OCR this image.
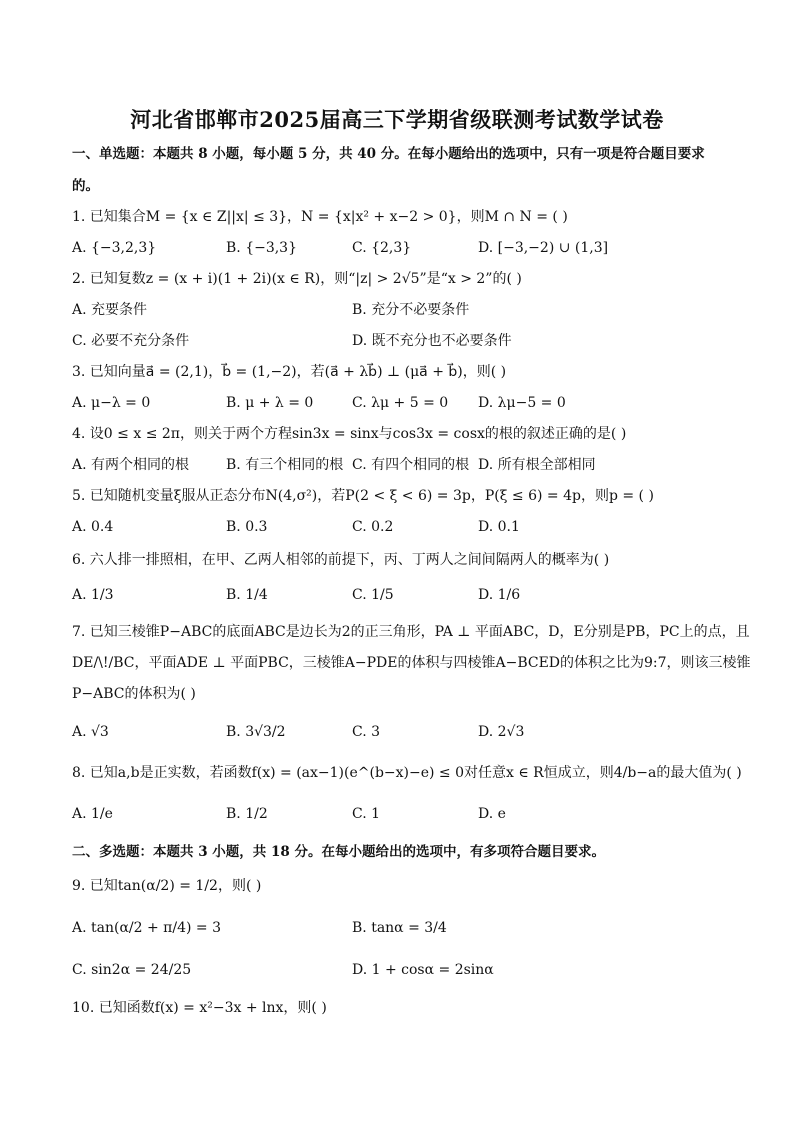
河北省邯郸市2025届高三下学期省级联测考试数学试卷
一、单选题：本题共 8 小题，每小题 5 分，共 40 分。在每小题给出的选项中，只有一项是符合题目要求
的。
1. 已知集合M = {x ∈ Z||x| ≤ 3}，N = {x|x² + x−2 > 0}，则M ∩ N = ( )
A. {−3,2,3}	B. {−3,3}	C. {2,3}	D. [−3,−2) ∪ (1,3]
2. 已知复数z = (x + i)(1 + 2i)(x ∈ R)，则“|z| > 2√5”是“x > 2”的( )
A. 充要条件	B. 充分不必要条件
C. 必要不充分条件	D. 既不充分也不必要条件
3. 已知向量a⃗ = (2,1)，b⃗ = (1,−2)，若(a⃗ + λb⃗) ⊥ (μa⃗ + b⃗)，则( )
A. μ−λ = 0	B. μ + λ = 0	C. λμ + 5 = 0 D. λμ−5 = 0
4. 设0 ≤ x ≤ 2π，则关于两个方程sin3x = sinx与cos3x = cosx的根的叙述正确的是( )
A. 有两个相同的根	B. 有三个相同的根 C. 有四个相同的根 D. 所有根全部相同
5. 已知随机变量ξ服从正态分布N(4,σ²)，若P(2 < ξ < 6) = 3p，P(ξ ≤ 6) = 4p，则p = ( )
A. 0.4	B. 0.3	C. 0.2	D. 0.1
6. 六人排一排照相，在甲、乙两人相邻的前提下，丙、丁两人之间间隔两人的概率为( )
A. 1/3	B. 1/4	C. 1/5	D. 1/6
7. 已知三棱锥P−ABC的底面ABC是边长为2的正三角形，PA ⊥ 平面ABC，D，E分别是PB，PC上的点，且
DE/\!/BC，平面ADE ⊥ 平面PBC，三棱锥A−PDE的体积与四棱锥A−BCED的体积之比为9:7，则该三棱锥
P−ABC的体积为( )
A. √3	B. 3√3/2	C. 3	D. 2√3
8. 已知a,b是正实数，若函数f(x) = (ax−1)(e^(b−x)−e) ≤ 0对任意x ∈ R恒成立，则4/b−a的最大值为( )
A. 1/e	B. 1/2	C. 1	D. e
二、多选题：本题共 3 小题，共 18 分。在每小题给出的选项中，有多项符合题目要求。
9. 已知tan(α/2) = 1/2，则( )
A. tan(α/2 + π/4) = 3	B. tanα = 3/4
C. sin2α = 24/25	D. 1 + cosα = 2sinα
10. 已知函数f(x) = x²−3x + lnx，则( )
